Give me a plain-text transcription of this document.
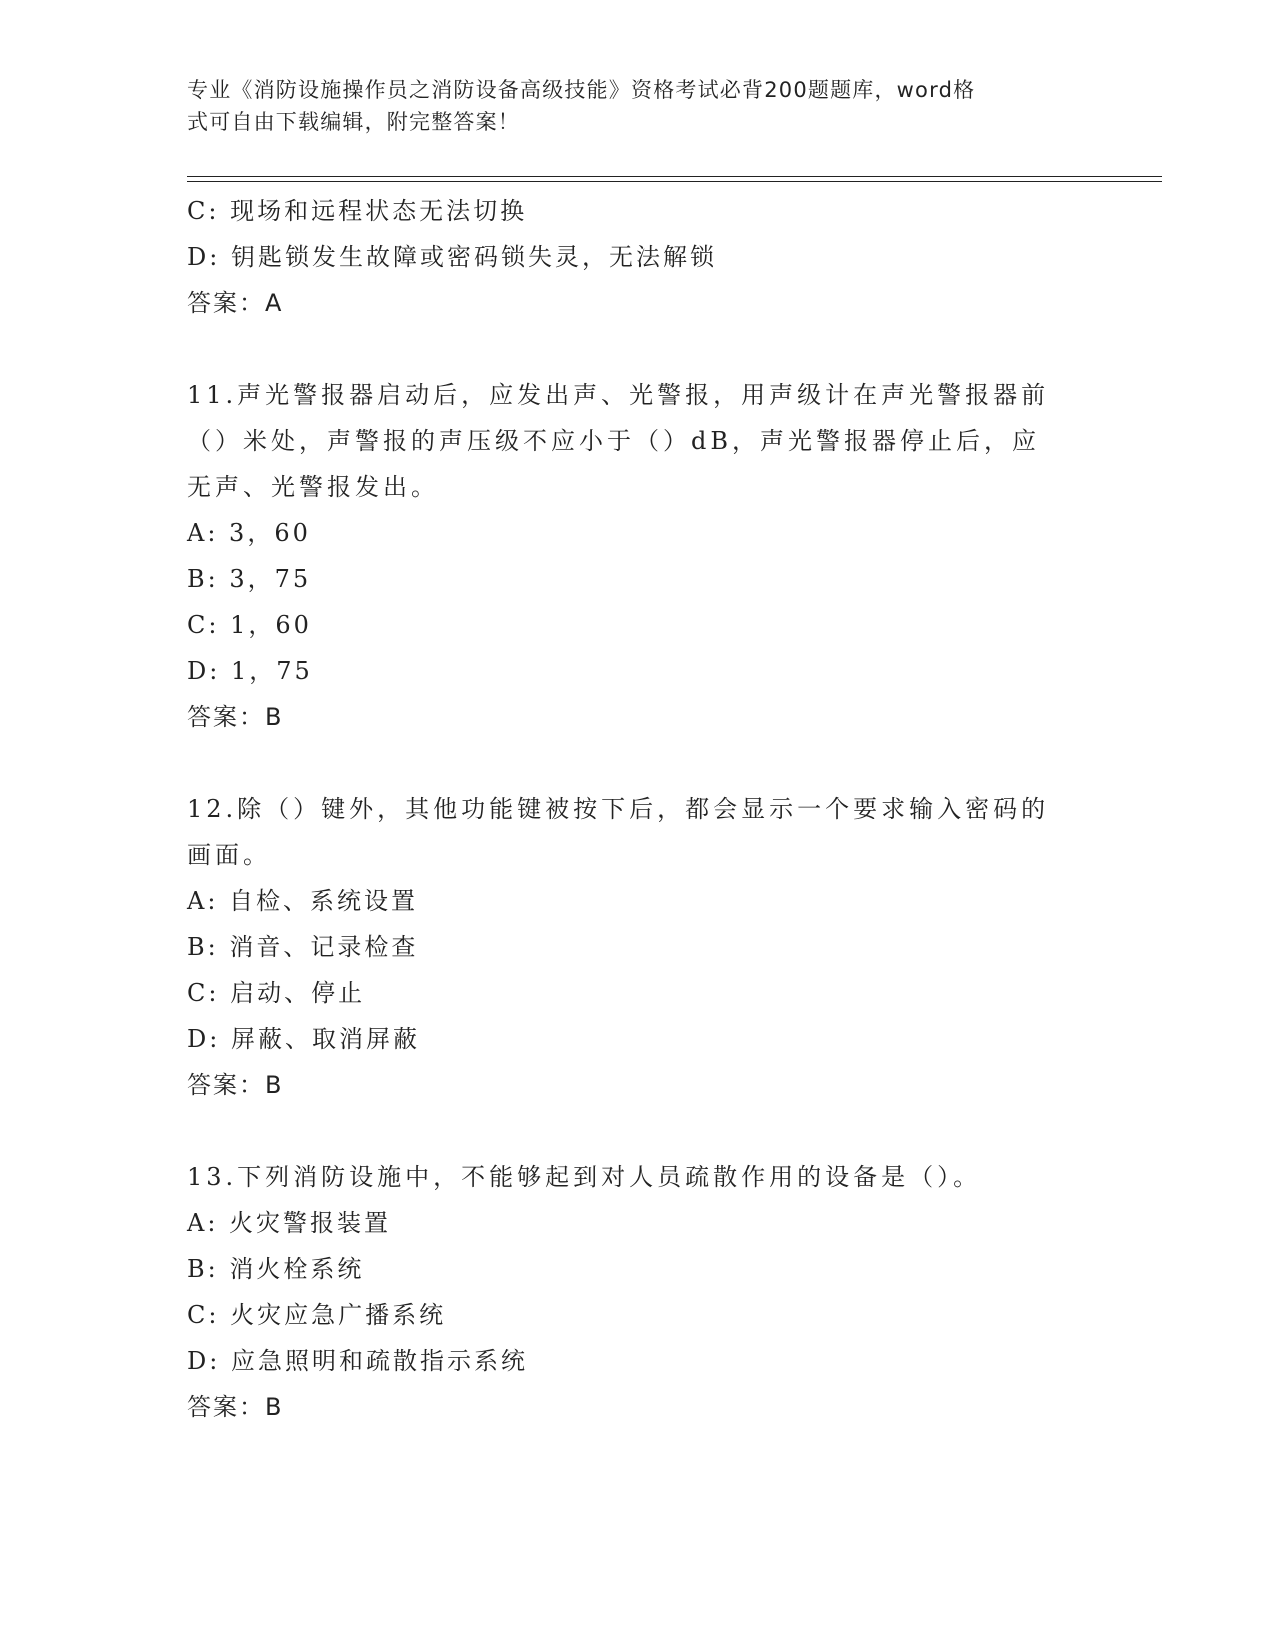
专业《消防设施操作员之消防设备高级技能》资格考试必背200题题库，word格
式可自由下载编辑，附完整答案！
C: 现场和远程状态无法切换
D: 钥匙锁发生故障或密码锁失灵，无法解锁
答案：A
11.声光警报器启动后，应发出声、光警报，用声级计在声光警报器前
（）米处，声警报的声压级不应小于（）dB，声光警报器停止后，应
无声、光警报发出。
A: 3，60
B: 3，75
C: 1，60
D: 1，75
答案：B
12.除（）键外，其他功能键被按下后，都会显示一个要求输入密码的
画面。
A: 自检、系统设置
B: 消音、记录检查
C: 启动、停止
D: 屏蔽、取消屏蔽
答案：B
13.下列消防设施中，不能够起到对人员疏散作用的设备是（）。
A: 火灾警报装置
B: 消火栓系统
C: 火灾应急广播系统
D: 应急照明和疏散指示系统
答案：B
